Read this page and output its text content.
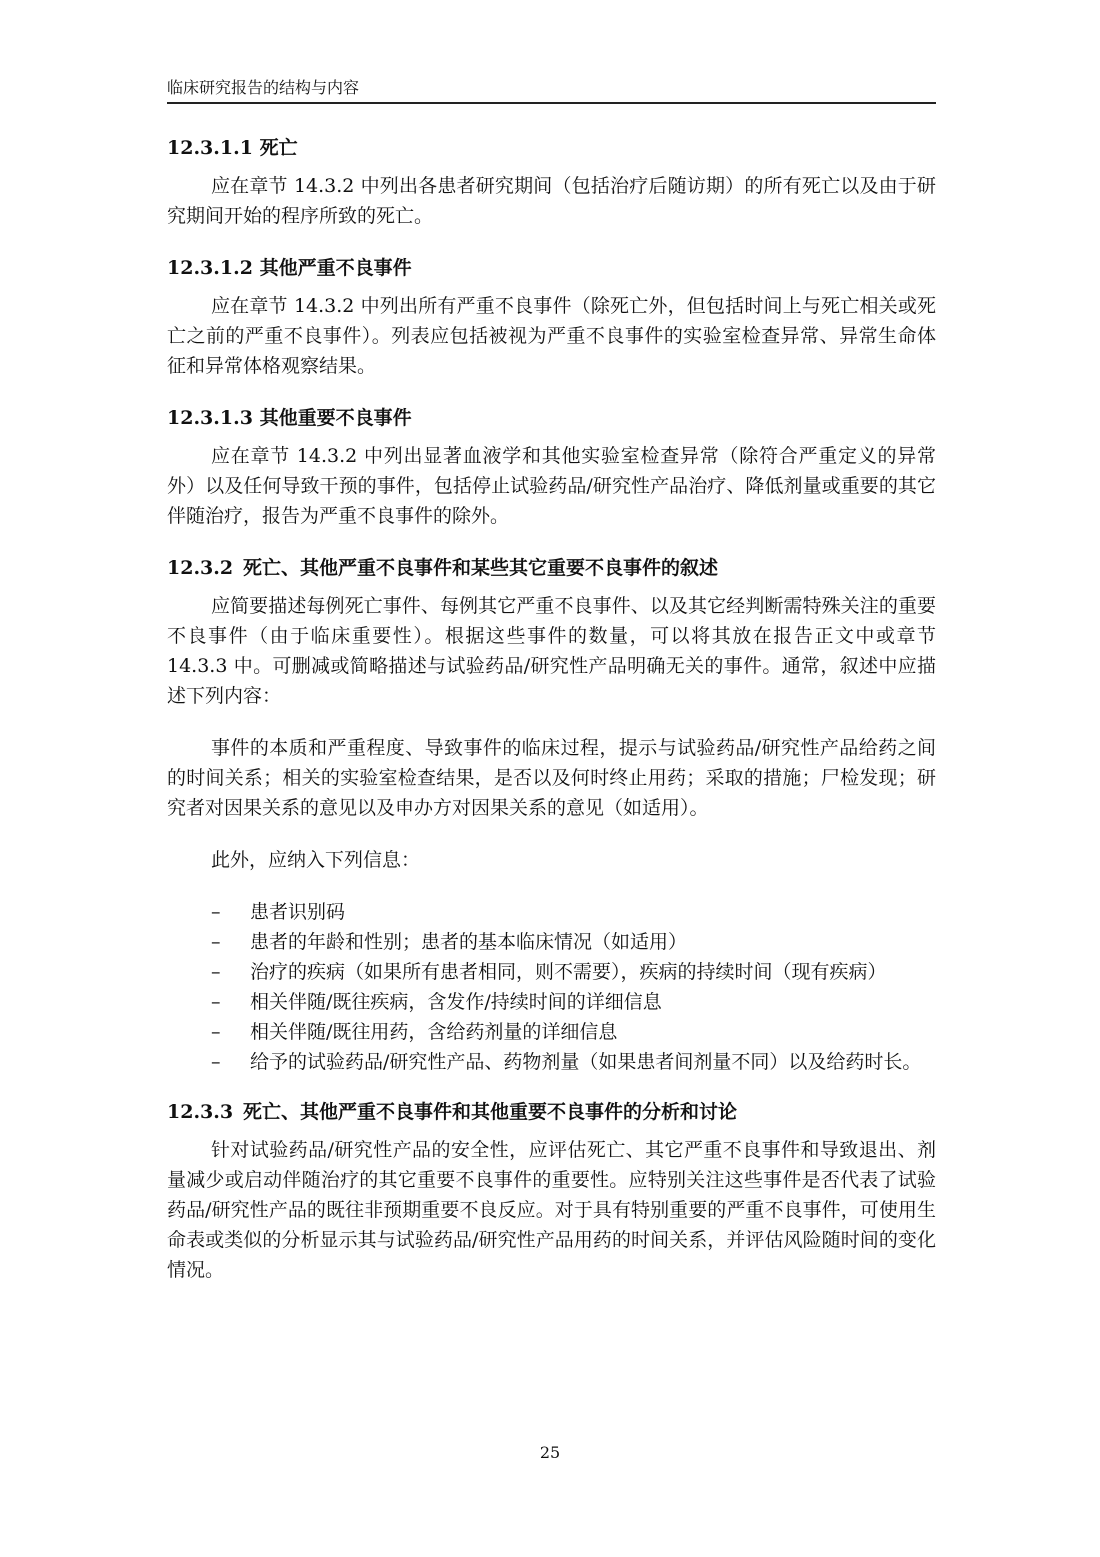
临床研究报告的结构与内容
12.3.1.1 死亡

应在章节 14.3.2 中列出各患者研究期间（包括治疗后随访期）的所有死亡以及由于研究期间开始的程序所致的死亡。

12.3.1.2 其他严重不良事件

应在章节 14.3.2 中列出所有严重不良事件（除死亡外，但包括时间上与死亡相关或死亡之前的严重不良事件）。列表应包括被视为严重不良事件的实验室检查异常、异常生命体征和异常体格观察结果。

12.3.1.3 其他重要不良事件

应在章节 14.3.2 中列出显著血液学和其他实验室检查异常（除符合严重定义的异常外）以及任何导致干预的事件，包括停止试验药品/研究性产品治疗、降低剂量或重要的其它伴随治疗，报告为严重不良事件的除外。

12.3.2 死亡、其他严重不良事件和某些其它重要不良事件的叙述

应简要描述每例死亡事件、每例其它严重不良事件、以及其它经判断需特殊关注的重要不良事件（由于临床重要性）。根据这些事件的数量，可以将其放在报告正文中或章节 14.3.3 中。可删减或简略描述与试验药品/研究性产品明确无关的事件。通常，叙述中应描述下列内容：

事件的本质和严重程度、导致事件的临床过程，提示与试验药品/研究性产品给药之间的时间关系；相关的实验室检查结果，是否以及何时终止用药；采取的措施；尸检发现；研究者对因果关系的意见以及申办方对因果关系的意见（如适用）。

此外，应纳入下列信息：

– 患者识别码
– 患者的年龄和性别；患者的基本临床情况（如适用）
– 治疗的疾病（如果所有患者相同，则不需要），疾病的持续时间（现有疾病）
– 相关伴随/既往疾病，含发作/持续时间的详细信息
– 相关伴随/既往用药，含给药剂量的详细信息
– 给予的试验药品/研究性产品、药物剂量（如果患者间剂量不同）以及给药时长。
12.3.3 死亡、其他严重不良事件和其他重要不良事件的分析和讨论

针对试验药品/研究性产品的安全性，应评估死亡、其它严重不良事件和导致退出、剂量减少或启动伴随治疗的其它重要不良事件的重要性。应特别关注这些事件是否代表了试验药品/研究性产品的既往非预期重要不良反应。对于具有特别重要的严重不良事件，可使用生命表或类似的分析显示其与试验药品/研究性产品用药的时间关系，并评估风险随时间的变化情况。

25
